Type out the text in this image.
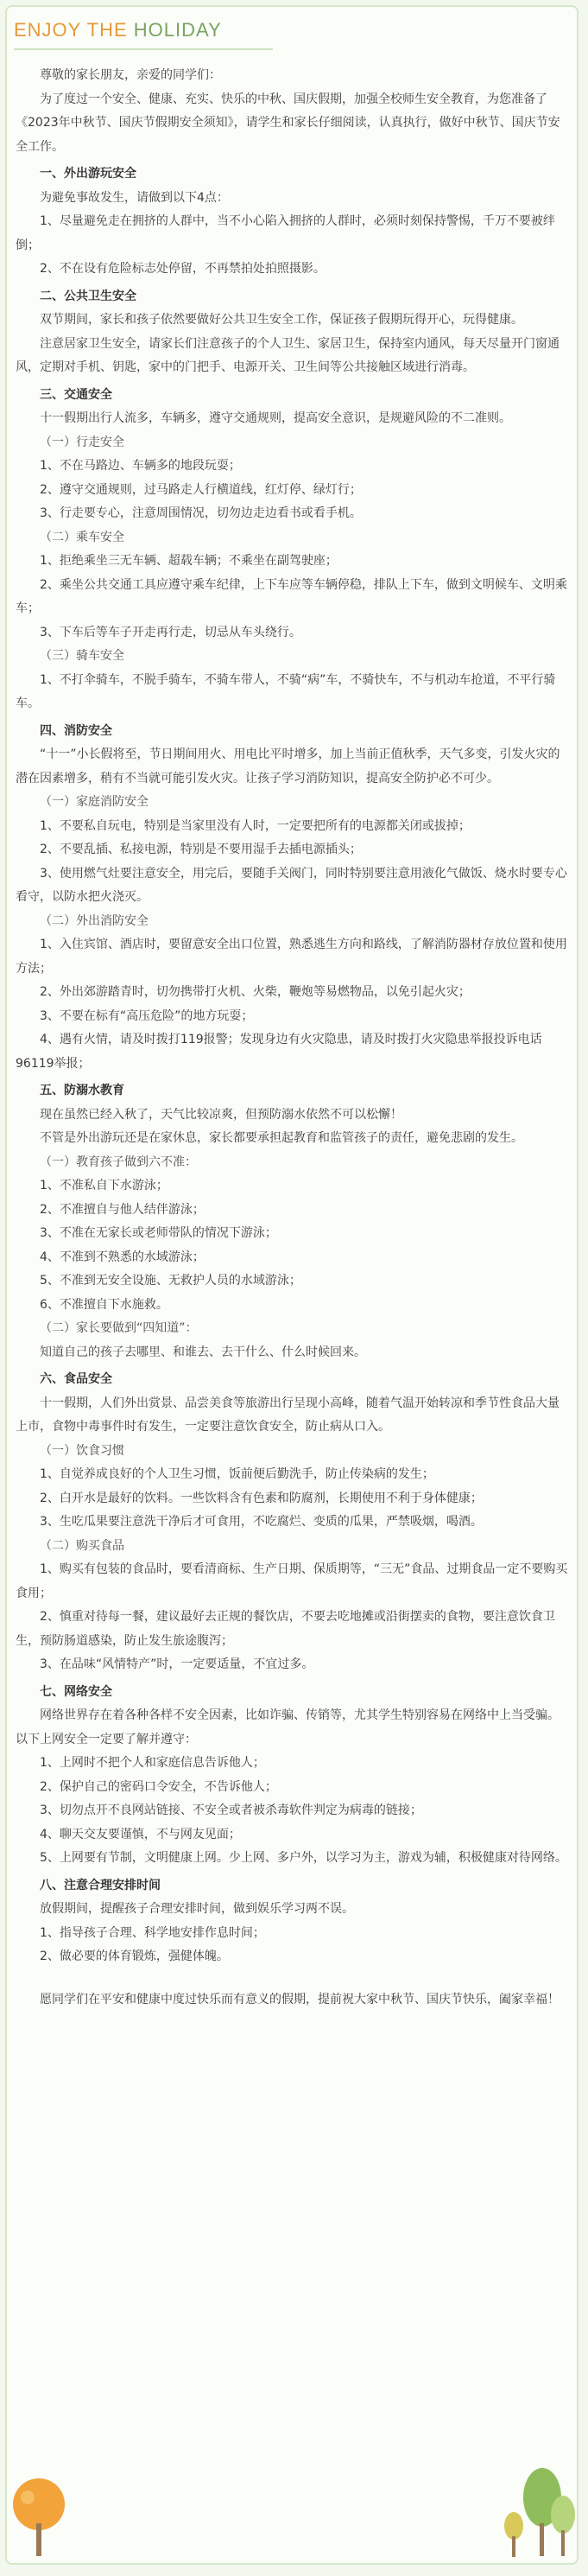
ENJOY THE HOLIDAY

尊敬的家长朋友，亲爱的同学们：

为了度过一个安全、健康、充实、快乐的中秋、国庆假期，加强全校师生安全教育，为您准备了《2023年中秋节、国庆节假期安全须知》，请学生和家长仔细阅读，认真执行，做好中秋节、国庆节安全工作。

一、外出游玩安全

为避免事故发生，请做到以下4点：

1、尽量避免走在拥挤的人群中，当不小心陷入拥挤的人群时，必须时刻保持警惕，千万不要被绊倒；

2、不在设有危险标志处停留，不再禁拍处拍照摄影。

二、公共卫生安全

双节期间，家长和孩子依然要做好公共卫生安全工作，保证孩子假期玩得开心，玩得健康。

注意居家卫生安全，请家长们注意孩子的个人卫生、家居卫生，保持室内通风，每天尽量开门窗通风，定期对手机、钥匙，家中的门把手、电源开关、卫生间等公共接触区域进行消毒。

三、交通安全

十一假期出行人流多，车辆多，遵守交通规则，提高安全意识，是规避风险的不二准则。

（一）行走安全

1、不在马路边、车辆多的地段玩耍；

2、遵守交通规则，过马路走人行横道线，红灯停、绿灯行；

3、行走要专心，注意周围情况，切勿边走边看书或看手机。

（二）乘车安全

1、拒绝乘坐三无车辆、超载车辆；不乘坐在副驾驶座；

2、乘坐公共交通工具应遵守乘车纪律，上下车应等车辆停稳，排队上下车，做到文明候车、文明乘车；

3、下车后等车子开走再行走，切忌从车头绕行。

（三）骑车安全

1、不打伞骑车，不脱手骑车，不骑车带人，不骑“病”车，不骑快车，不与机动车抢道，不平行骑车。

四、消防安全

“十一”小长假将至，节日期间用火、用电比平时增多，加上当前正值秋季，天气多变，引发火灾的潜在因素增多，稍有不当就可能引发火灾。让孩子学习消防知识，提高安全防护必不可少。

（一）家庭消防安全

1、不要私自玩电，特别是当家里没有人时，一定要把所有的电源都关闭或拔掉；

2、不要乱插、私接电源，特别是不要用湿手去插电源插头；

3、使用燃气灶要注意安全，用完后，要随手关阀门，同时特别要注意用液化气做饭、烧水时要专心看守，以防水把火浇灭。

（二）外出消防安全

1、入住宾馆、酒店时，要留意安全出口位置，熟悉逃生方向和路线，了解消防器材存放位置和使用方法；

2、外出郊游踏青时，切勿携带打火机、火柴，鞭炮等易燃物品，以免引起火灾；

3、不要在标有“高压危险”的地方玩耍；

4、遇有火情，请及时拨打119报警；发现身边有火灾隐患，请及时拨打火灾隐患举报投诉电话96119举报；

五、防溺水教育

现在虽然已经入秋了，天气比较凉爽，但预防溺水依然不可以松懈！

不管是外出游玩还是在家休息，家长都要承担起教育和监管孩子的责任，避免悲剧的发生。

（一）教育孩子做到六不准：

1、不准私自下水游泳；

2、不准擅自与他人结伴游泳；

3、不准在无家长或老师带队的情况下游泳；

4、不准到不熟悉的水域游泳；

5、不准到无安全设施、无救护人员的水域游泳；

6、不准擅自下水施救。

（二）家长要做到“四知道”：

知道自己的孩子去哪里、和谁去、去干什么、什么时候回来。

六、食品安全

十一假期，人们外出赏景、品尝美食等旅游出行呈现小高峰，随着气温开始转凉和季节性食品大量上市，食物中毒事件时有发生，一定要注意饮食安全，防止病从口入。

（一）饮食习惯

1、自觉养成良好的个人卫生习惯，饭前便后勤洗手，防止传染病的发生；

2、白开水是最好的饮料。一些饮料含有色素和防腐剂，长期使用不利于身体健康；

3、生吃瓜果要注意洗干净后才可食用，不吃腐烂、变质的瓜果，严禁吸烟，喝酒。

（二）购买食品

1、购买有包装的食品时，要看清商标、生产日期、保质期等，“三无”食品、过期食品一定不要购买食用；

2、慎重对待每一餐，建议最好去正规的餐饮店，不要去吃地摊或沿街摆卖的食物，要注意饮食卫生，预防肠道感染，防止发生旅途腹泻；

3、在品味“风情特产”时，一定要适量，不宜过多。

七、网络安全

网络世界存在着各种各样不安全因素，比如诈骗、传销等，尤其学生特别容易在网络中上当受骗。以下上网安全一定要了解并遵守：

1、上网时不把个人和家庭信息告诉他人；

2、保护自己的密码口令安全，不告诉他人；

3、切勿点开不良网站链接、不安全或者被杀毒软件判定为病毒的链接；

4、聊天交友要谨慎，不与网友见面；

5、上网要有节制，文明健康上网。少上网、多户外，以学习为主，游戏为辅，积极健康对待网络。

八、注意合理安排时间

放假期间，提醒孩子合理安排时间，做到娱乐学习两不误。

1、指导孩子合理、科学地安排作息时间；

2、做必要的体育锻炼，强健体魄。

愿同学们在平安和健康中度过快乐而有意义的假期，提前祝大家中秋节、国庆节快乐，阖家幸福！
